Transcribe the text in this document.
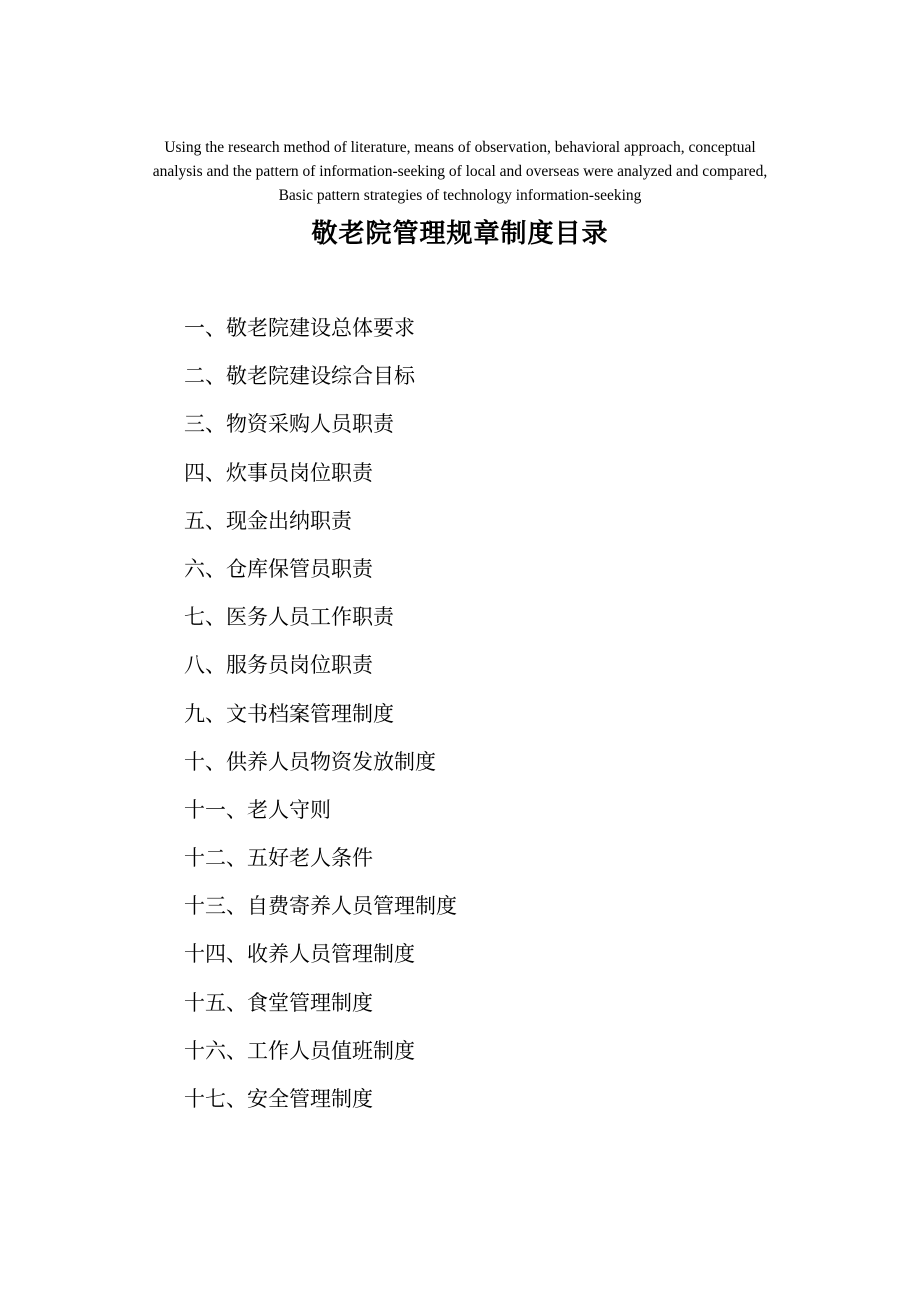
Using the research method of literature, means of observation, behavioral approach, conceptual
analysis and the pattern of information-seeking of local and overseas were analyzed and compared,
Basic pattern strategies of technology information-seeking
敬老院管理规章制度目录
一、敬老院建设总体要求
二、敬老院建设综合目标
三、物资采购人员职责
四、炊事员岗位职责
五、现金出纳职责
六、仓库保管员职责
七、医务人员工作职责
八、服务员岗位职责
九、文书档案管理制度
十、供养人员物资发放制度
十一、老人守则
十二、五好老人条件
十三、自费寄养人员管理制度
十四、收养人员管理制度
十五、食堂管理制度
十六、工作人员值班制度
十七、安全管理制度
